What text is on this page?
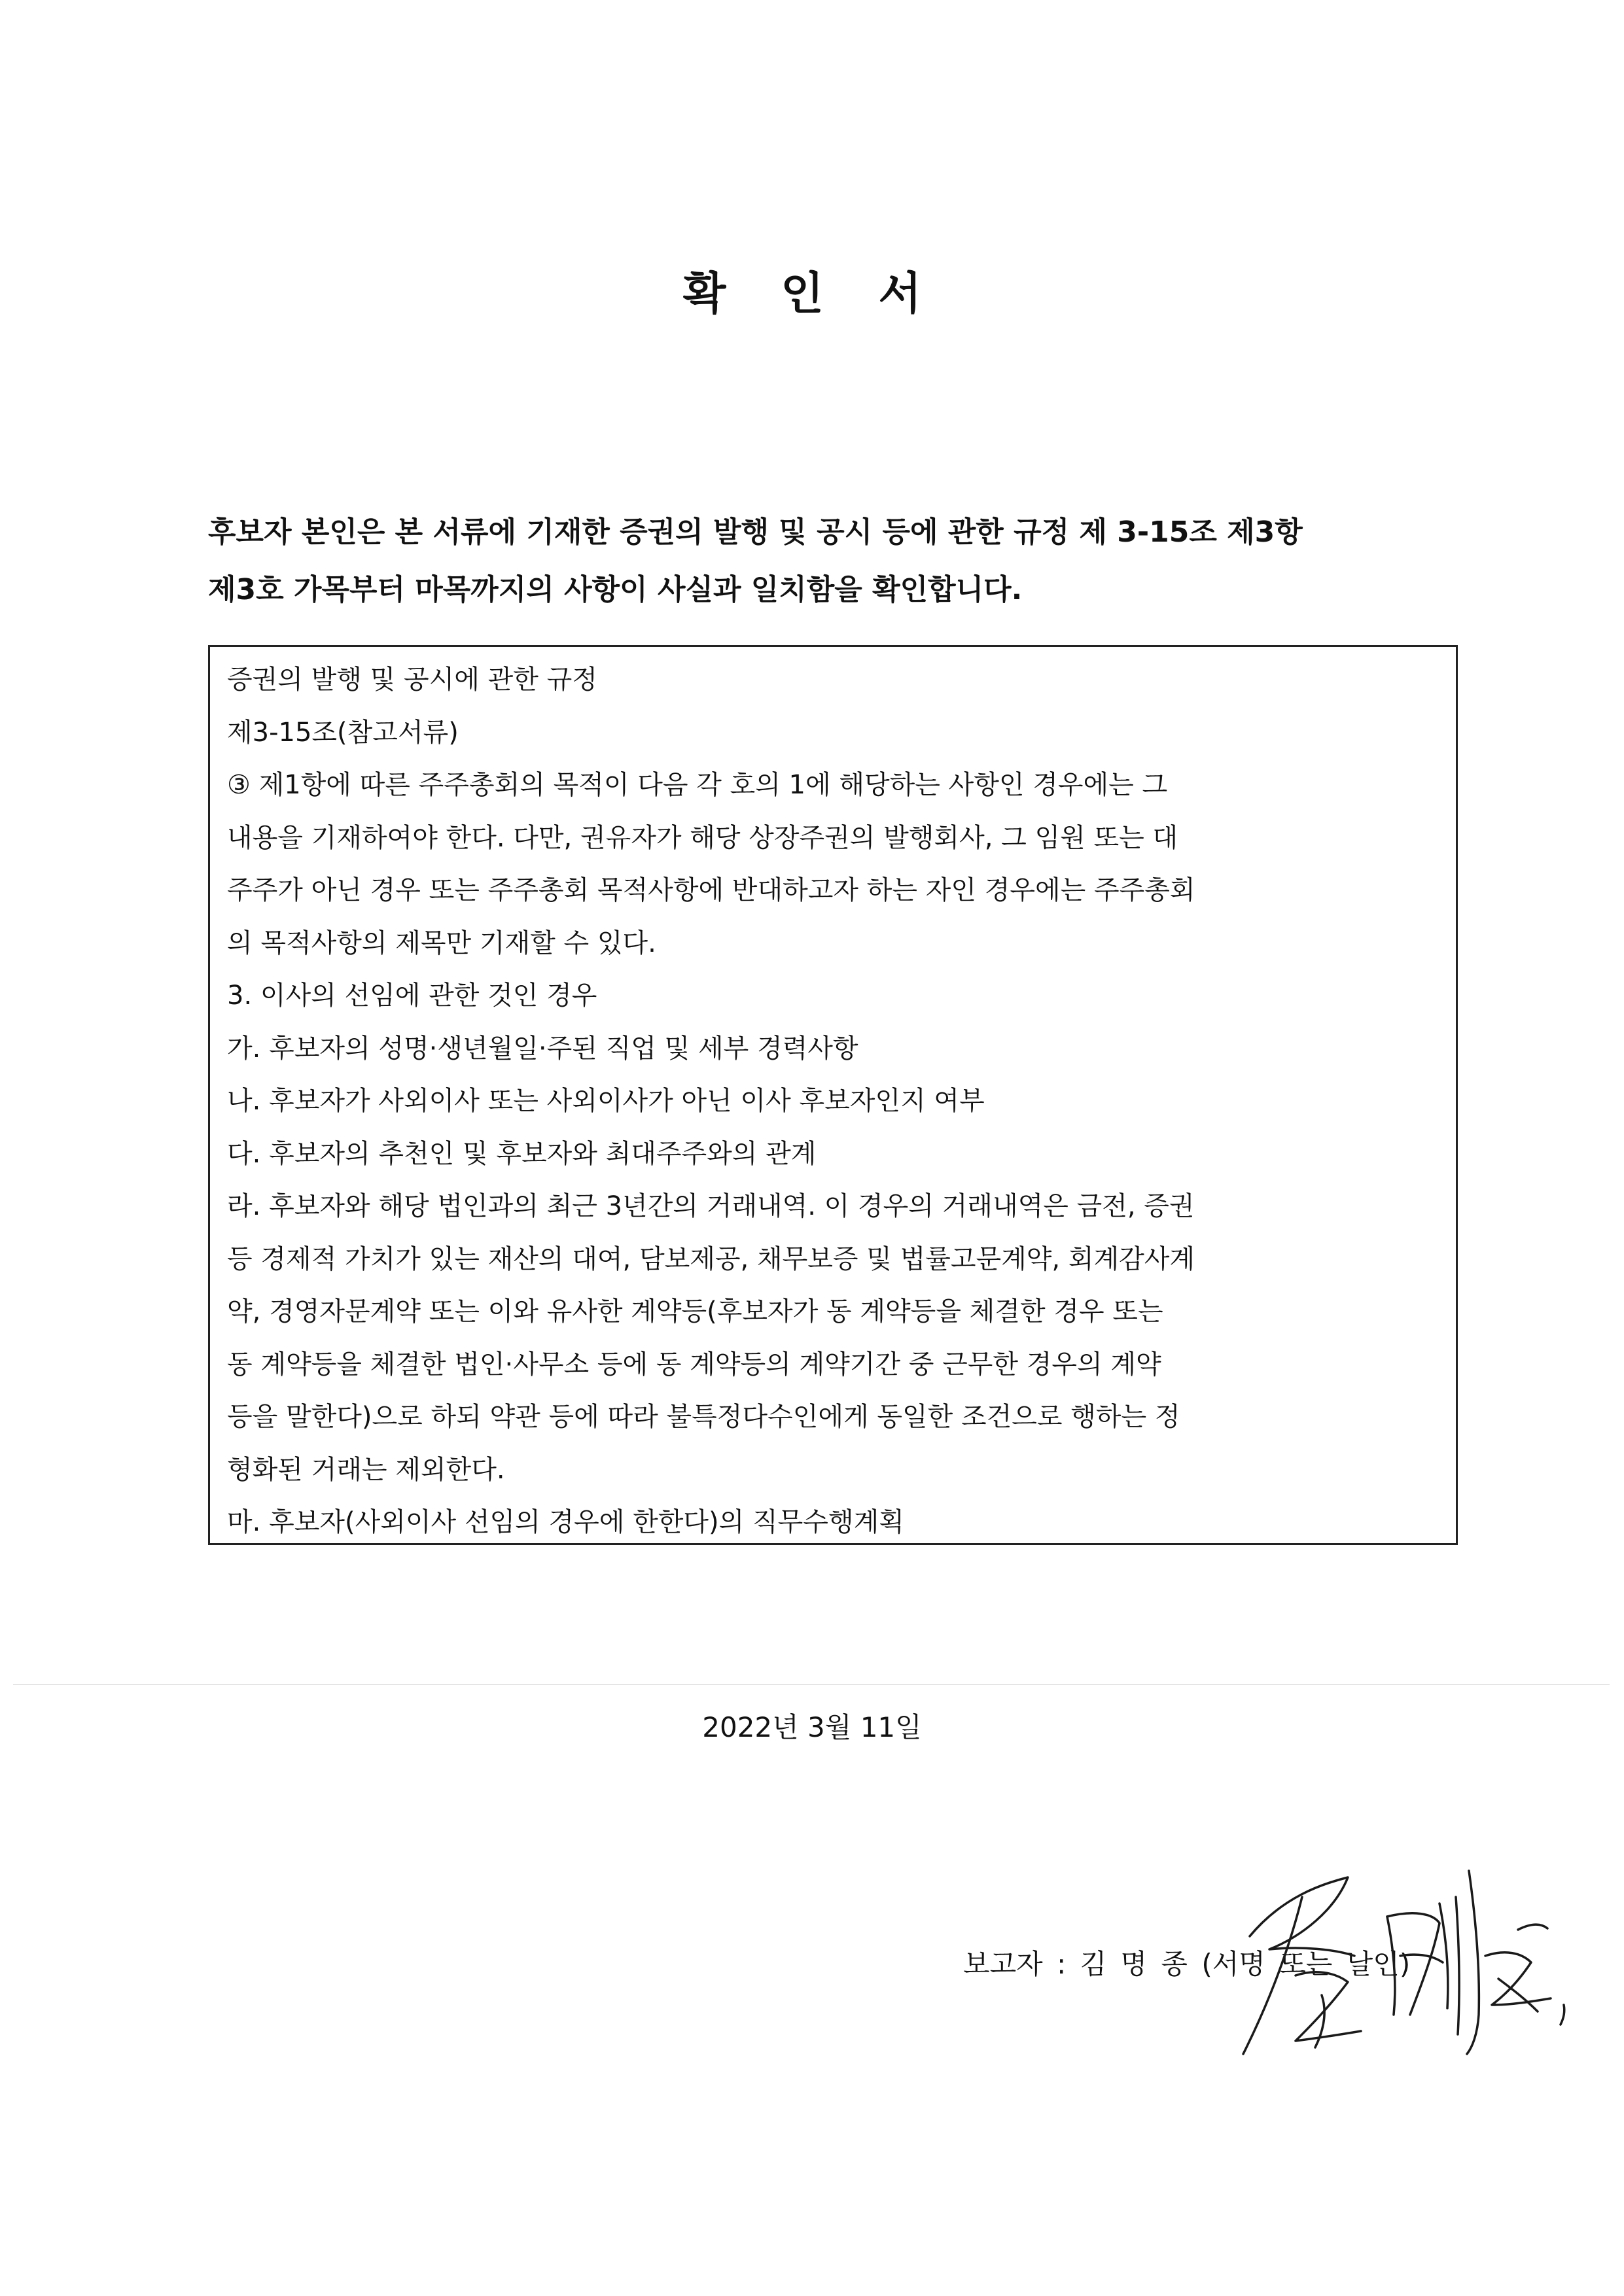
확 인 서

후보자 본인은 본 서류에 기재한 증권의 발행 및 공시 등에 관한 규정 제 3-15조 제3항

제3호 가목부터 마목까지의 사항이 사실과 일치함을 확인합니다.

증권의 발행 및 공시에 관한 규정

제3-15조(참고서류)

③ 제1항에 따른 주주총회의 목적이 다음 각 호의 1에 해당하는 사항인 경우에는 그

내용을 기재하여야 한다. 다만, 권유자가 해당 상장주권의 발행회사, 그 임원 또는 대

주주가 아닌 경우 또는 주주총회 목적사항에 반대하고자 하는 자인 경우에는 주주총회

의 목적사항의 제목만 기재할 수 있다.

3. 이사의 선임에 관한 것인 경우

가. 후보자의 성명·생년월일·주된 직업 및 세부 경력사항

나. 후보자가 사외이사 또는 사외이사가 아닌 이사 후보자인지 여부

다. 후보자의 추천인 및 후보자와 최대주주와의 관계

라. 후보자와 해당 법인과의 최근 3년간의 거래내역. 이 경우의 거래내역은 금전, 증권

등 경제적 가치가 있는 재산의 대여, 담보제공, 채무보증 및 법률고문계약, 회계감사계

약, 경영자문계약 또는 이와 유사한 계약등(후보자가 동 계약등을 체결한 경우 또는

동 계약등을 체결한 법인·사무소 등에 동 계약등의 계약기간 중 근무한 경우의 계약

등을 말한다)으로 하되 약관 등에 따라 불특정다수인에게 동일한 조건으로 행하는 정

형화된 거래는 제외한다.

마. 후보자(사외이사 선임의 경우에 한한다)의 직무수행계획

2022년 3월 11일
보고자 : 김 명 종 (서명 또는 날인)
